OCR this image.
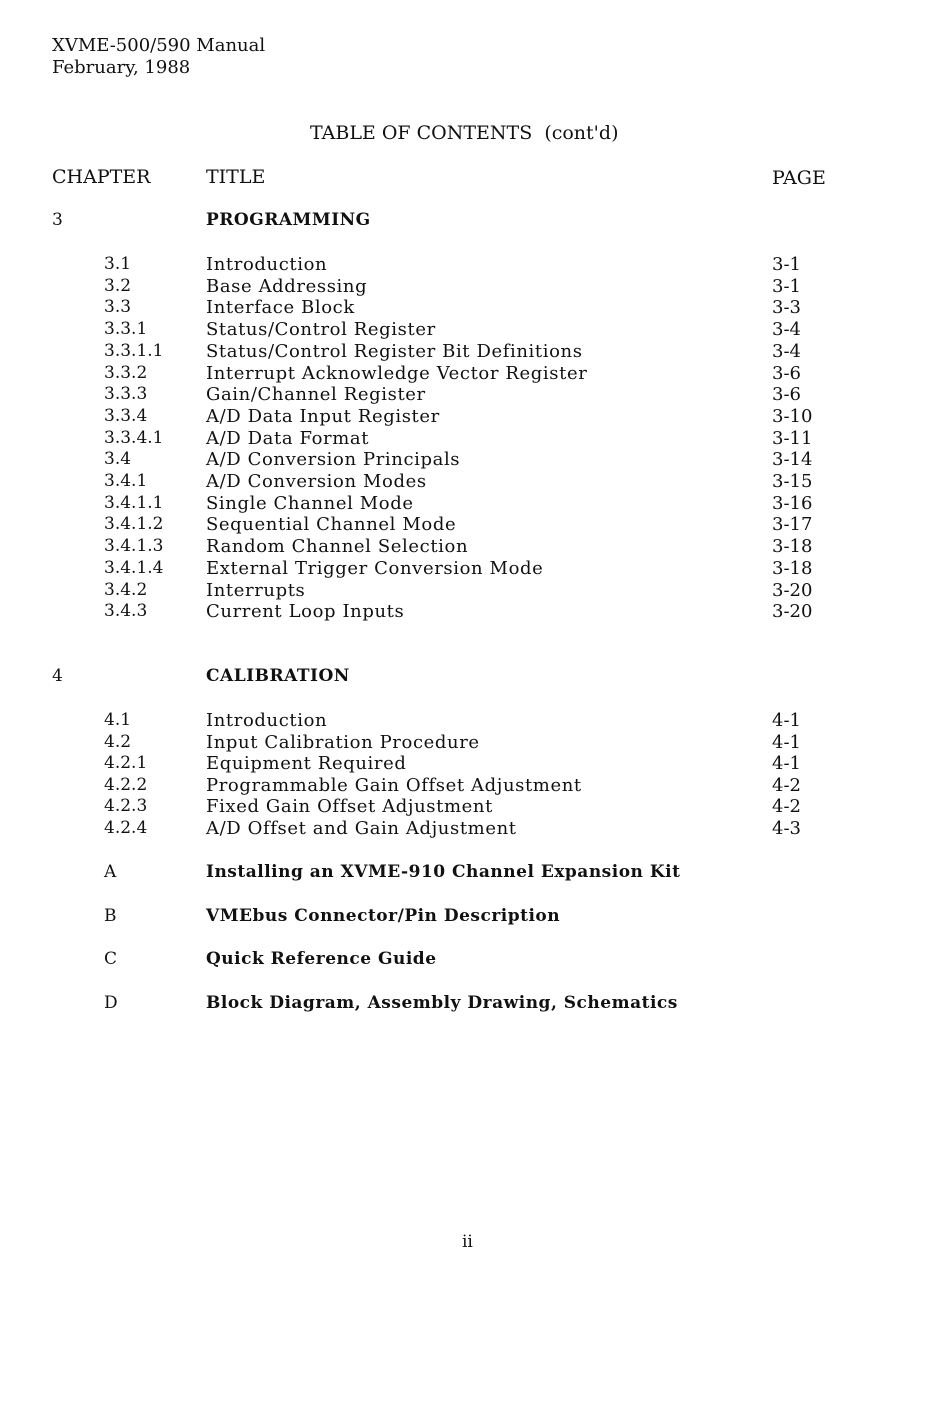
XVME-500/590 Manual
February, 1988
TABLE OF CONTENTS  (cont'd)
CHAPTER	TITLE	PAGE
3	PROGRAMMING
3.1	Introduction	3-1
3.2	Base Addressing	3-1
3.3	Interface Block	3-3
3.3.1	Status/Control Register	3-4
3.3.1.1 Status/Control Register Bit Definitions	3-4
3.3.2	Interrupt Acknowledge Vector Register	3-6
3.3.3	Gain/Channel Register	3-6
3.3.4	A/D Data Input Register	3-10
3.3.4.1 A/D Data Format	3-11
3.4	A/D Conversion Principals	3-14
3.4.1	A/D Conversion Modes	3-15
3.4.1.1 Single Channel Mode	3-16
3.4.1.2 Sequential Channel Mode	3-17
3.4.1.3 Random Channel Selection	3-18
3.4.1.4 External Trigger Conversion Mode	3-18
3.4.2	Interrupts	3-20
3.4.3	Current Loop Inputs	3-20
4	CALIBRATION
4.1	Introduction	4-1
4.2	Input Calibration Procedure	4-1
4.2.1	Equipment Required	4-1
4.2.2	Programmable Gain Offset Adjustment	4-2
4.2.3	Fixed Gain Offset Adjustment	4-2
4.2.4	A/D Offset and Gain Adjustment	4-3
A	Installing an XVME-910 Channel Expansion Kit
B	VMEbus Connector/Pin Description
C	Quick Reference Guide
D	Block Diagram, Assembly Drawing, Schematics
ii
